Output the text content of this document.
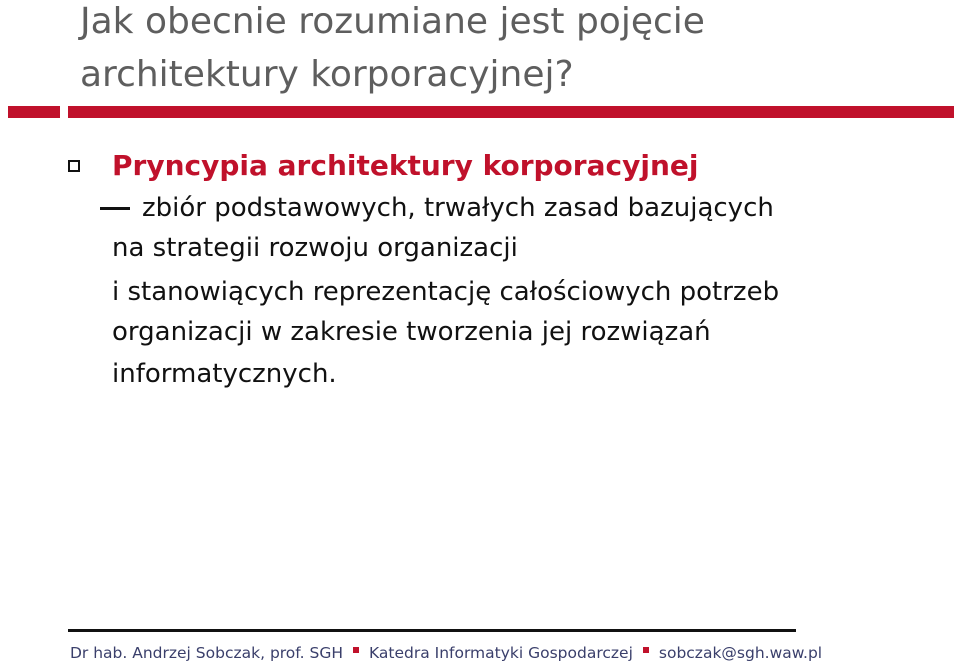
Jak obecnie rozumiane jest pojęcie
architektury korporacyjnej?
Pryncypia architektury korporacyjnej
zbiór podstawowych, trwałych zasad bazujących
na strategii rozwoju organizacji
i stanowiących reprezentację całościowych potrzeb
organizacji w zakresie tworzenia jej rozwiązań
informatycznych.
Dr hab. Andrzej Sobczak, prof. SGH Katedra Informatyki Gospodarczej sobczak@sgh.waw.pl
